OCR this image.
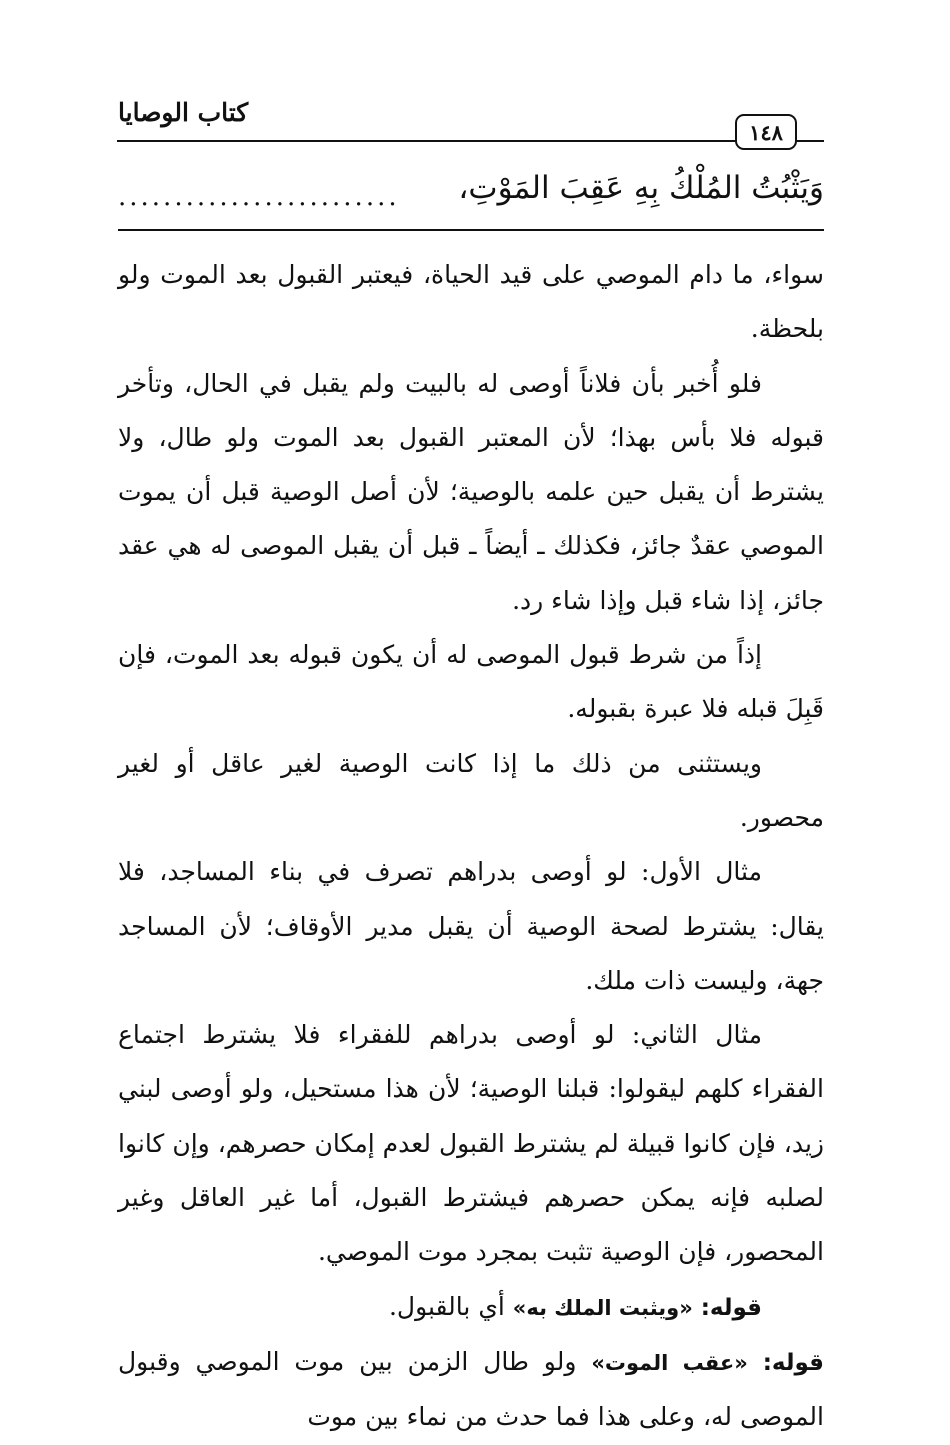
كتاب الوصايا
١٤٨
وَيَثْبُتُ المُلْكُ بِهِ عَقِبَ المَوْتِ،
.........................

سواء، ما دام الموصي على قيد الحياة، فيعتبر القبول بعد الموت ولو بلحظة.

فلو أُخبر بأن فلاناً أوصى له بالبيت ولم يقبل في الحال، وتأخر قبوله فلا بأس بهذا؛ لأن المعتبر القبول بعد الموت ولو طال، ولا يشترط أن يقبل حين علمه بالوصية؛ لأن أصل الوصية قبل أن يموت الموصي عقدٌ جائز، فكذلك ـ أيضاً ـ قبل أن يقبل الموصى له هي عقد جائز، إذا شاء قبل وإذا شاء رد.

إذاً من شرط قبول الموصى له أن يكون قبوله بعد الموت، فإن قَبِلَ قبله فلا عبرة بقبوله.

ويستثنى من ذلك ما إذا كانت الوصية لغير عاقل أو لغير محصور.

مثال الأول: لو أوصى بدراهم تصرف في بناء المساجد، فلا يقال: يشترط لصحة الوصية أن يقبل مدير الأوقاف؛ لأن المساجد جهة، وليست ذات ملك.

مثال الثاني: لو أوصى بدراهم للفقراء فلا يشترط اجتماع الفقراء كلهم ليقولوا: قبلنا الوصية؛ لأن هذا مستحيل، ولو أوصى لبني زيد، فإن كانوا قبيلة لم يشترط القبول لعدم إمكان حصرهم، وإن كانوا لصلبه فإنه يمكن حصرهم فيشترط القبول، أما غير العاقل وغير المحصور، فإن الوصية تثبت بمجرد موت الموصي.

قوله: «ويثبت الملك به» أي بالقبول.

قوله: «عقب الموت» ولو طال الزمن بين موت الموصي وقبول الموصى له، وعلى هذا فما حدث من نماء بين موت
